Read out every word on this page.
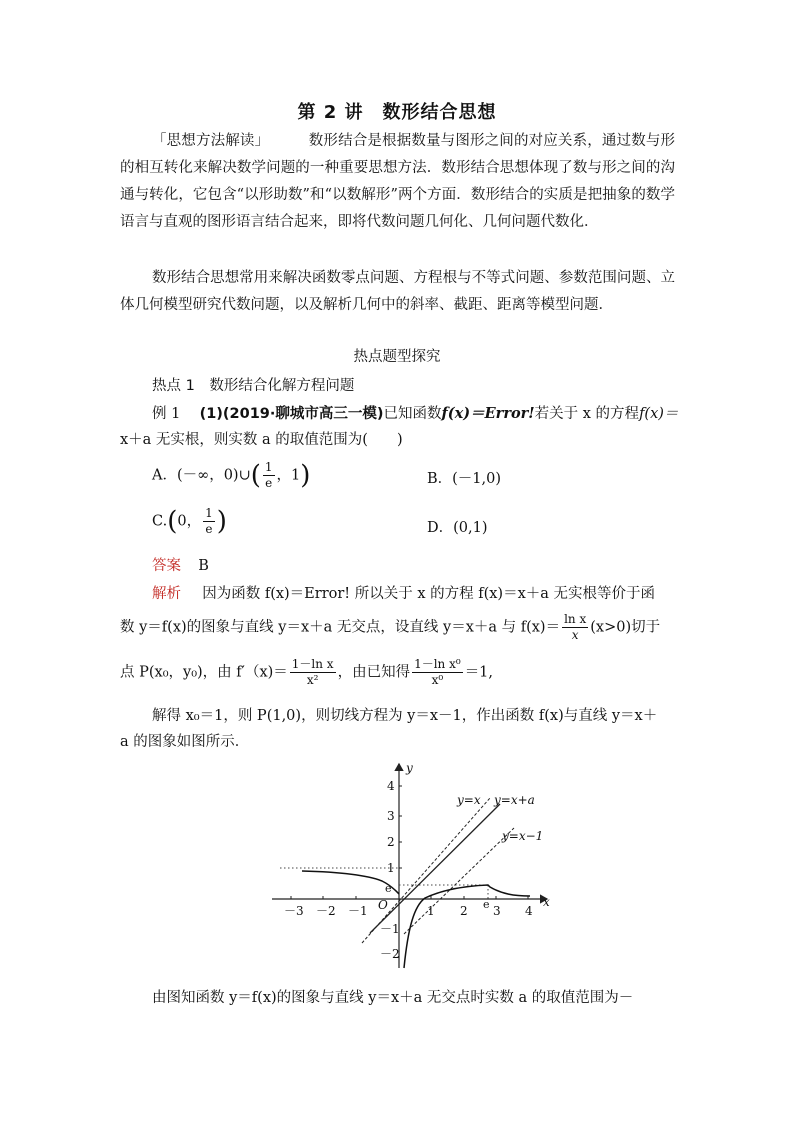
第 2 讲　数形结合思想
「思想方法解读」	数形结合是根据数量与图形之间的对应关系，通过数与形的相互转化来解决数学问题的一种重要思想方法．数形结合思想体现了数与形之间的沟通与转化，它包含“以形助数”和“以数解形”两个方面．数形结合的实质是把抽象的数学语言与直观的图形语言结合起来，即将代数问题几何化、几何问题代数化．
数形结合思想常用来解决函数零点问题、方程根与不等式问题、参数范围问题、立体几何模型研究代数问题，以及解析几何中的斜率、截距、距离等模型问题．
热点题型探究
热点 1　数形结合化解方程问题
例 1 (1)(2019·聊城市高三一模)已知函数f(x)＝Error!若关于 x 的方程f(x)＝
x＋a 无实根，则实数 a 的取值范围为(　　)
A．(－∞，0)∪( $\frac{1}{e}$ ，1)	B．(－1,0)
C.(0， $\frac{1}{e}$ )	D．(0,1)
答案 B
解析 因为函数 f(x)＝Error! 所以关于 x 的方程 f(x)＝x＋a 无实根等价于函
数 y＝f(x)的图象与直线 y＝x＋a 无交点，设直线 y＝x＋a 与 $f(x)= \frac{\text{ln x}}{x} (x>0)$切于
点 P(x₀，y₀)，由 $f'(x)= \frac{\text{1－ln x}}{\text{x²}}$ ，由已知得 $\frac{\text{1－ln x⁰}}{\text{x⁰}} =1$,
解得 x₀＝1，则 P(1,0)，则切线方程为 y＝x－1，作出函数 f(x)与直线 y＝x＋
a 的图象如图所示．
－3 －2 －1	1 2 3 4
4
3
2
1
－1
－2
x
y
O	e
e
y=x y=x+a
y=x−1
由图知函数 y＝f(x)的图象与直线 y＝x＋a 无交点时实数 a 的取值范围为－
